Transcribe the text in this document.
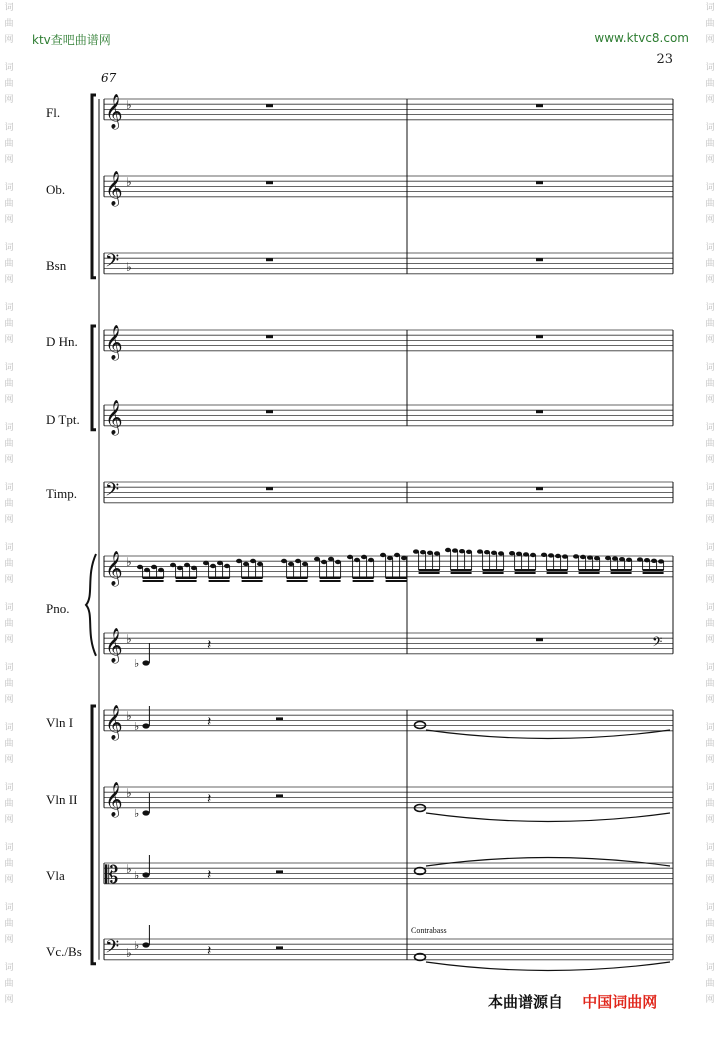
词
曲
网
词
曲
网
词
曲
网
词
曲
网
词
曲
网
词
曲
网
词
曲
网
词
曲
网
词
曲
网
词
曲
网
词
曲
网
词
曲
网
词
曲
网
词
曲
网
词
曲
网
词
曲
网
词
曲
网
词
曲
网
词
曲
网
词
曲
网
词
曲
网
词
曲
网
词
曲
网
词
曲
网
词
曲
网
词
曲
网
词
曲
网
词
曲
网
词
曲
网
词
曲
网
词
曲
网
词
曲
网
词
曲
网
词
曲
网
ktv查吧曲谱网	www.ktvc8.com
23
67
𝄞 ♭
𝄞 ♭
𝄢 ♭
𝄞
𝄞
𝄢
𝄞 ♭
𝄞 ♭
𝄞 ♭
𝄞 ♭
𝄡 ♭
𝄢 ♭
♭
𝄽
♭	𝄽
♭
𝄽
♭	𝄽
♭	𝄽
𝄢
Fl.
Ob.
Bsn
D Hn.
D Tpt.
Timp.
Pno.
Vln I
Vln II
Vla
Vc./Bs
Contrabass
本曲谱源自 中国词曲网
